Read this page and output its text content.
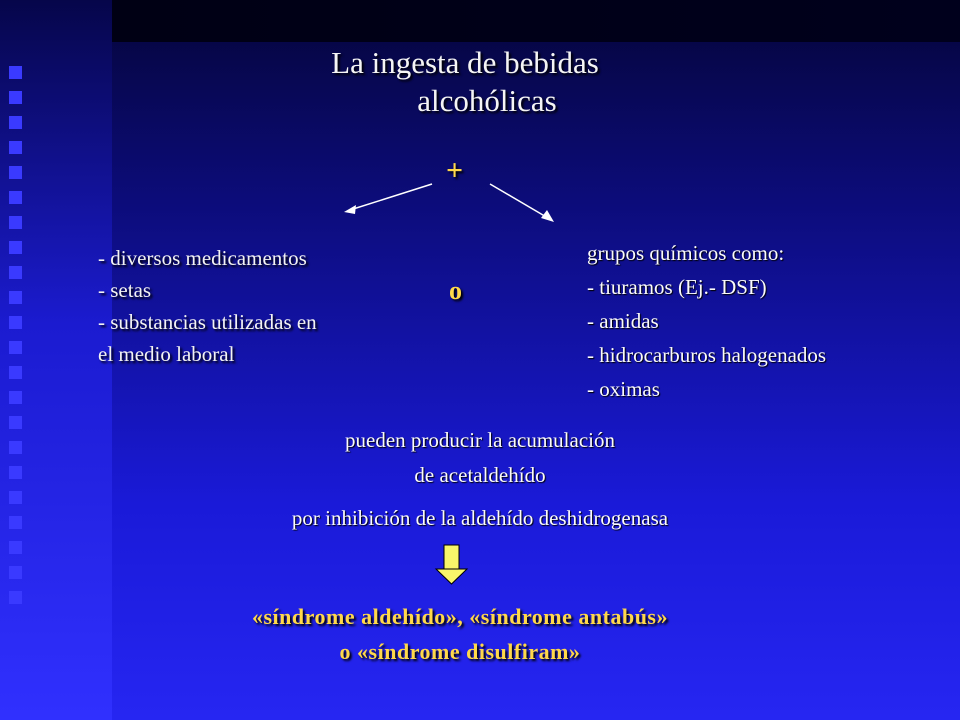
La ingesta de bebidas
alcohólicas
+
- diversos medicamentos
- setas
- substancias utilizadas en
el medio laboral
o
grupos químicos como:
- tiuramos (Ej.- DSF)
- amidas
- hidrocarburos halogenados
- oximas
pueden producir la acumulación
de acetaldehído
por inhibición de la aldehído deshidrogenasa
«síndrome aldehído», «síndrome antabús»
o «síndrome disulfiram»
